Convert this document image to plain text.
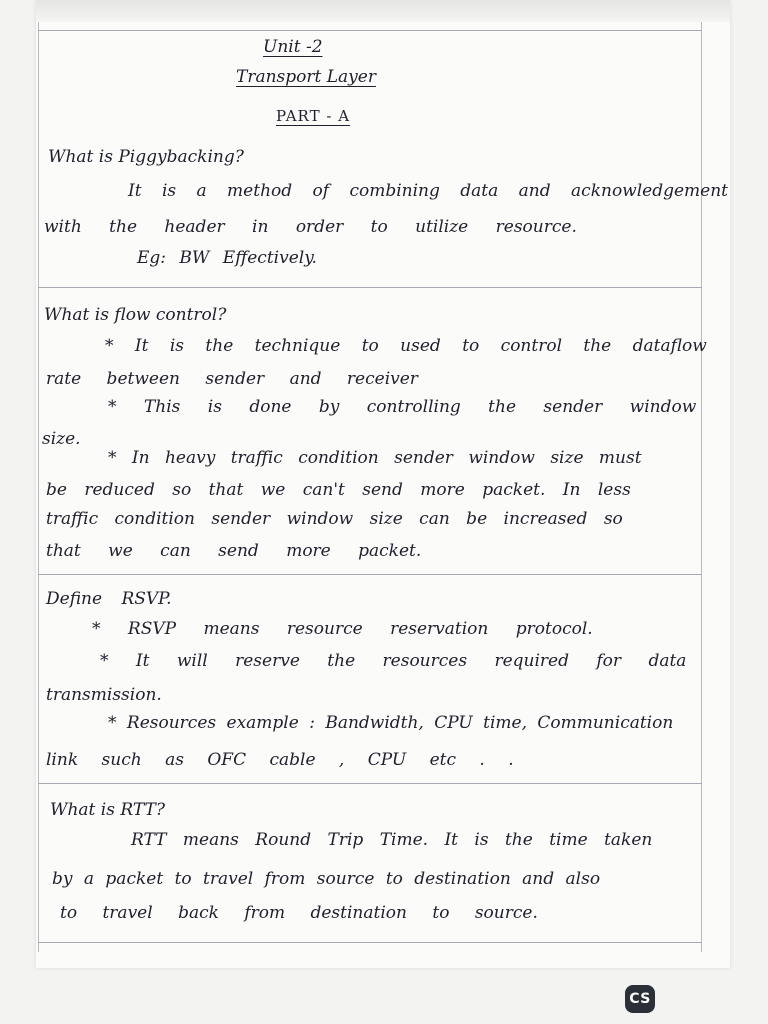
Unit -2

Transport Layer

PART - A

What is Piggybacking?

It is a method of combining data and acknowledgement

with the header in order to utilize resource.

Eg: BW Effectively.

What is flow control?

* It is the technique to used to control the dataflow

rate between sender and receiver

* This is done by controlling the sender window

size.

* In heavy traffic condition sender window size must

be reduced so that we can't send more packet. In less

traffic condition sender window size can be increased so

that we can send more packet.

Define RSVP.

* RSVP means resource reservation protocol.

* It will reserve the resources required for data

transmission.

* Resources example : Bandwidth, CPU time, Communication

link such as OFC cable , CPU etc . .

What is RTT?

RTT means Round Trip Time. It is the time taken

by a packet to travel from source to destination and also

to travel back from destination to source.

CS
